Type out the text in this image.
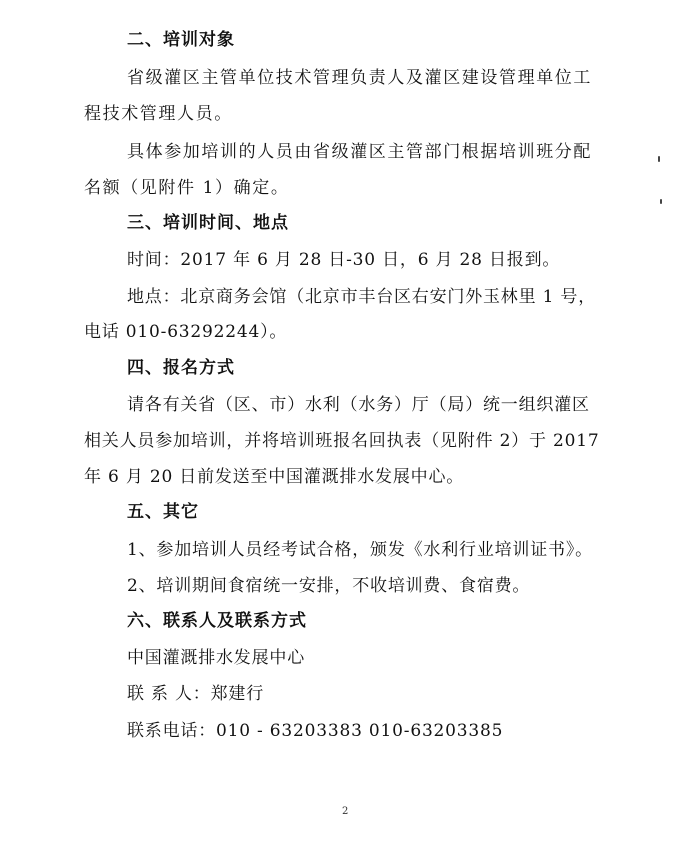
二、培训对象
省级灌区主管单位技术管理负责人及灌区建设管理单位工
程技术管理人员。
具体参加培训的人员由省级灌区主管部门根据培训班分配
名额（见附件 1）确定。
三、培训时间、地点
时间：2017 年 6 月 28 日-30 日，6 月 28 日报到。
地点：北京商务会馆（北京市丰台区右安门外玉林里 1 号，
电话 010-63292244）。
四、报名方式
请各有关省（区、市）水利（水务）厅（局）统一组织灌区
相关人员参加培训，并将培训班报名回执表（见附件 2）于 2017
年 6 月 20 日前发送至中国灌溉排水发展中心。
五、其它
1、参加培训人员经考试合格，颁发《水利行业培训证书》。
2、培训期间食宿统一安排，不收培训费、食宿费。
六、联系人及联系方式
中国灌溉排水发展中心
联 系 人：郑建行
联系电话：010 - 63203383 010-63203385
2
